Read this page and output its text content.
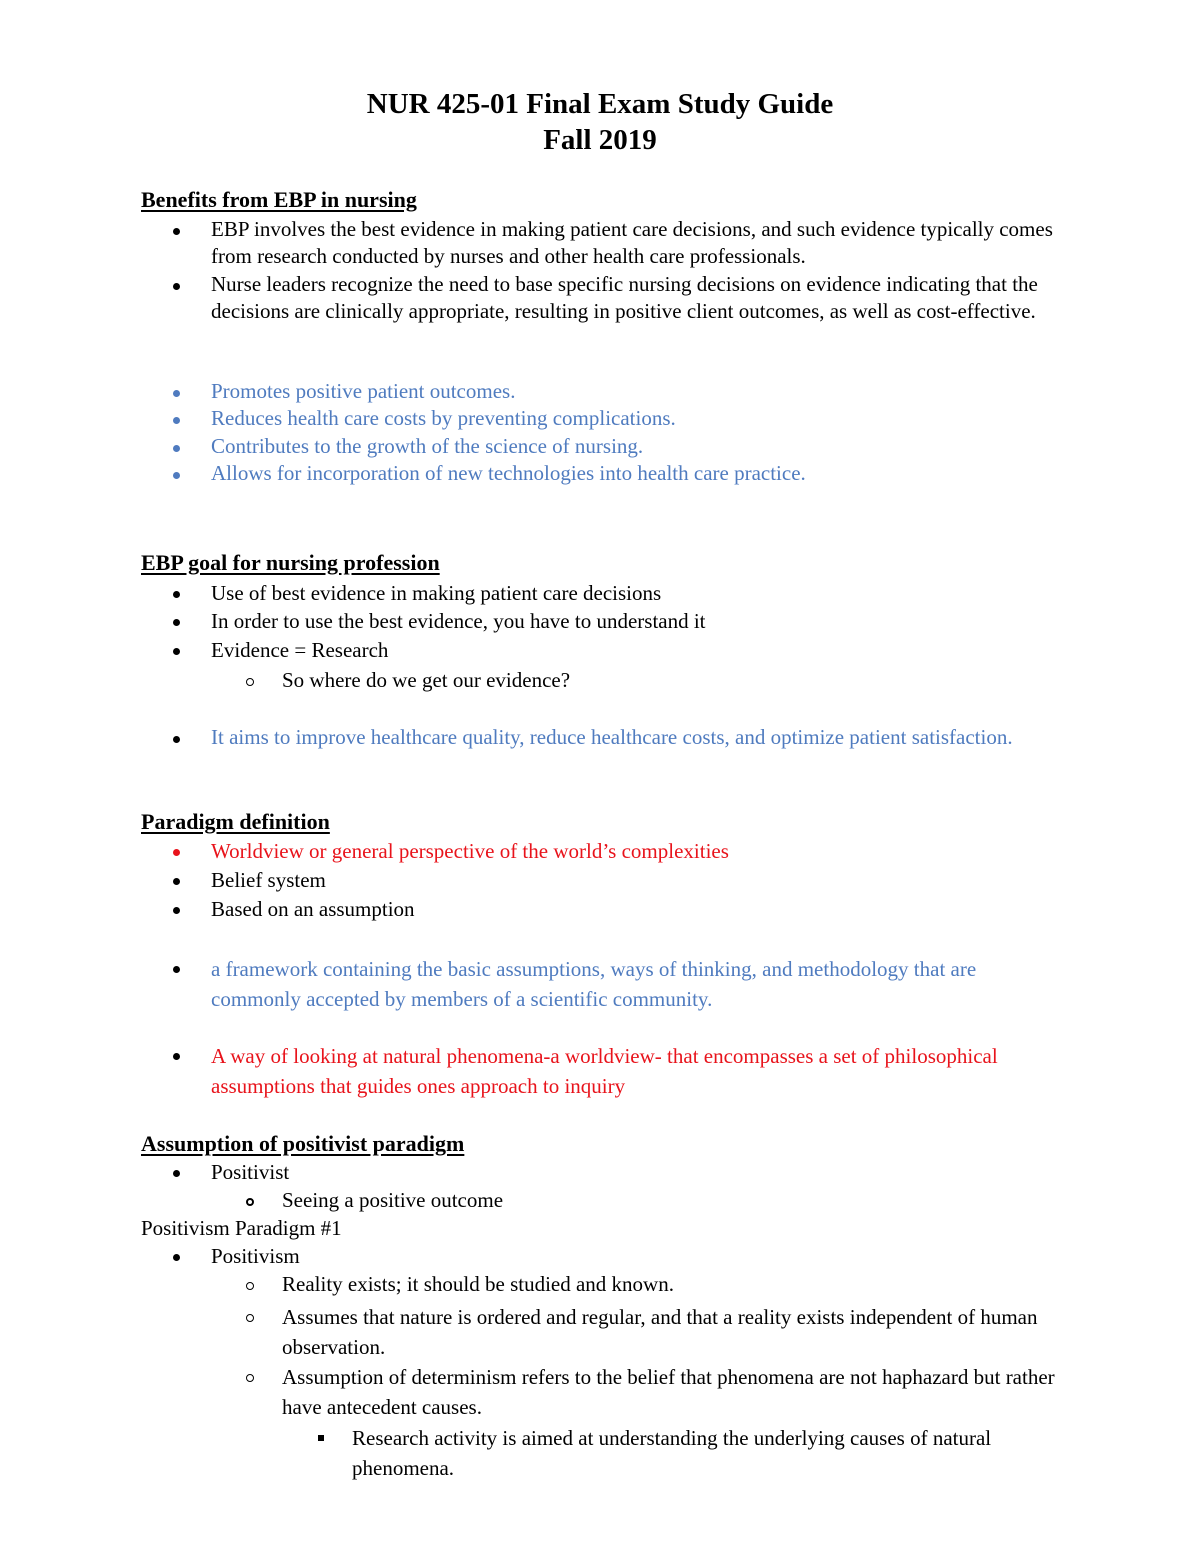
NUR 425-01 Final Exam Study Guide
Fall 2019
Benefits from EBP in nursing
EBP involves the best evidence in making patient care decisions, and such evidence typically comes from research conducted by nurses and other health care professionals.
Nurse leaders recognize the need to base specific nursing decisions on evidence indicating that the decisions are clinically appropriate, resulting in positive client outcomes, as well as cost-effective.
Promotes positive patient outcomes.
Reduces health care costs by preventing complications.
Contributes to the growth of the science of nursing.
Allows for incorporation of new technologies into health care practice.
EBP goal for nursing profession
Use of best evidence in making patient care decisions
In order to use the best evidence, you have to understand it
Evidence = Research
So where do we get our evidence?
It aims to improve healthcare quality, reduce healthcare costs, and optimize patient satisfaction.
Paradigm definition
Worldview or general perspective of the world’s complexities
Belief system
Based on an assumption
a framework containing the basic assumptions, ways of thinking, and methodology that are commonly accepted by members of a scientific community.
A way of looking at natural phenomena-a worldview- that encompasses a set of philosophical assumptions that guides ones approach to inquiry
Assumption of positivist paradigm
Positivist
Seeing a positive outcome
Positivism Paradigm #1
Positivism
Reality exists; it should be studied and known.
Assumes that nature is ordered and regular, and that a reality exists independent of human observation.
Assumption of determinism refers to the belief that phenomena are not haphazard but rather have antecedent causes.
Research activity is aimed at understanding the underlying causes of natural phenomena.
